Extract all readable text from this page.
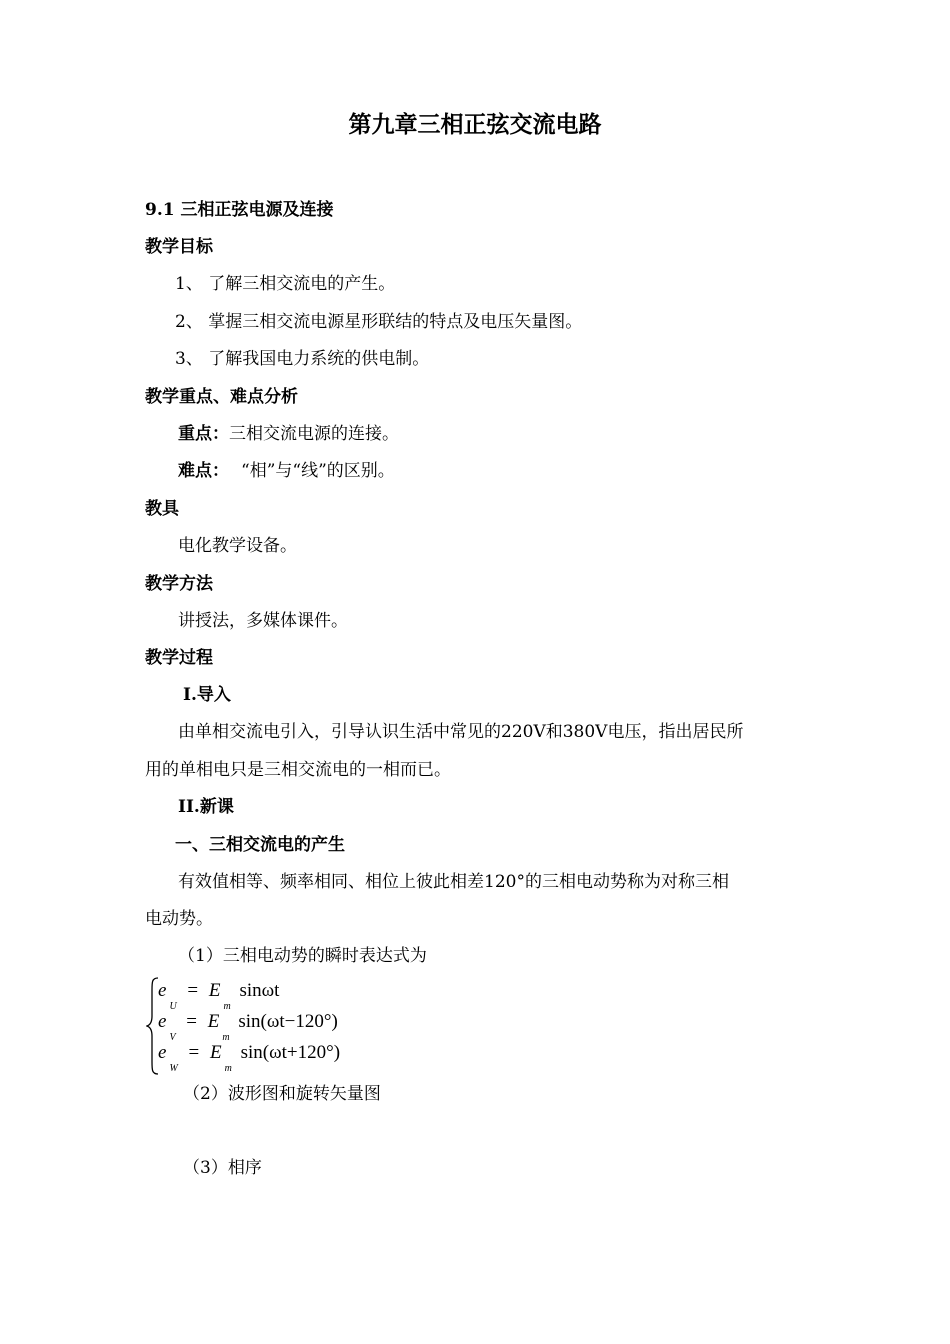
第九章三相正弦交流电路
9.1 三相正弦电源及连接
教学目标
1、 了解三相交流电的产生。
2、 掌握三相交流电源星形联结的特点及电压矢量图。
3、 了解我国电力系统的供电制。
教学重点、难点分析
重点：三相交流电源的连接。
难点： “相”与“线”的区别。
教具
电化教学设备。
教学方法
讲授法，多媒体课件。
教学过程
Ⅰ.导入
由单相交流电引入，引导认识生活中常见的220V和380V电压，指出居民所
用的单相电只是三相交流电的一相而已。
II.新课
一、三相交流电的产生
有效值相等、频率相同、相位上彼此相差120°的三相电动势称为对称三相
电动势。
（1）三相电动势的瞬时表达式为
$e_U = E_m$ sinωt
$e_V = E_m$ sin(ωt−120°)
$e_W = E_m$ sin(ωt+120°)
（2）波形图和旋转矢量图
（3）相序
